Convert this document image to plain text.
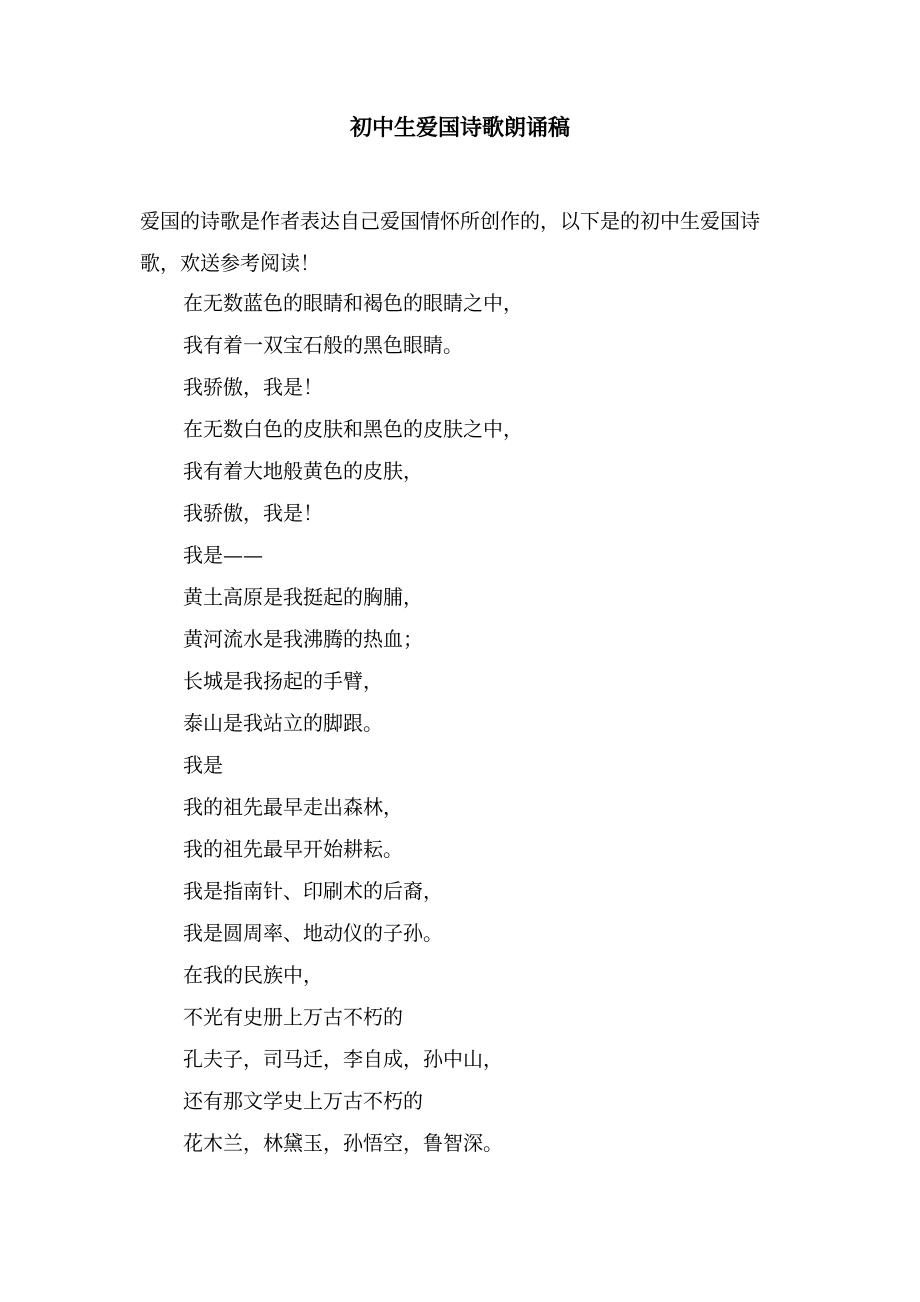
初中生爱国诗歌朗诵稿

爱国的诗歌是作者表达自己爱国情怀所创作的，以下是的初中生爱国诗歌，欢送参考阅读！

在无数蓝色的眼睛和褐色的眼睛之中，
我有着一双宝石般的黑色眼睛。
我骄傲，我是！
在无数白色的皮肤和黑色的皮肤之中，
我有着大地般黄色的皮肤，
我骄傲，我是！
我是——
黄土高原是我挺起的胸脯，
黄河流水是我沸腾的热血；
长城是我扬起的手臂，
泰山是我站立的脚跟。
我是
我的祖先最早走出森林，
我的祖先最早开始耕耘。
我是指南针、印刷术的后裔，
我是圆周率、地动仪的子孙。
在我的民族中，
不光有史册上万古不朽的
孔夫子，司马迁，李自成，孙中山，
还有那文学史上万古不朽的
花木兰，林黛玉，孙悟空，鲁智深。
